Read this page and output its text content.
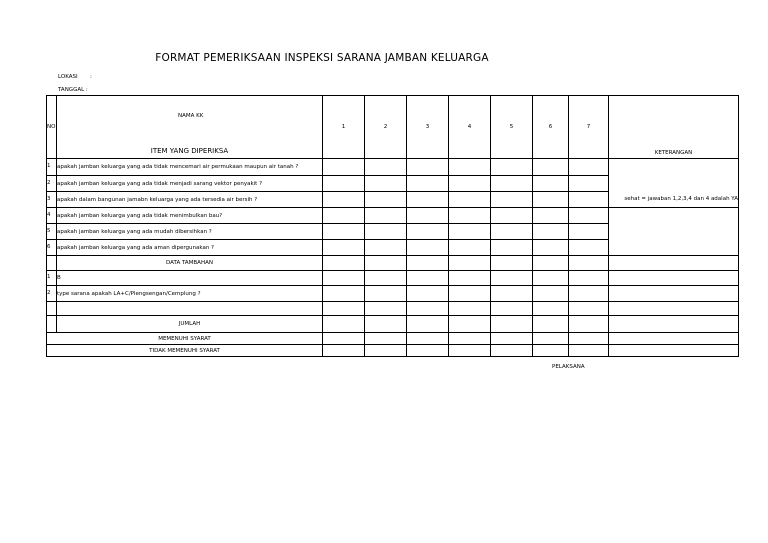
FORMAT PEMERIKSAAN INSPEKSI SARANA JAMBAN KELUARGA
LOKASI :
TANGGAL :
NO	ITEM YANG DIPERIKSA	1	2	3	4	5	6	7	KETERANGAN
1	apakah jamban keluarga yang ada tidak mencemari air permukaan maupun air tanah ?								
2	apakah jamban keluarga yang ada tidak menjadi sarang vektor penyakit ?								
3	apakah dalam bangunan jamabn keluarga yang ada tersedia air bersih ?								sehat = jawaban 1,2,3,4 dan 4 adalah YA
4	apakah jamban keluarga yang ada tidak menimbulkan bau?								
5	apakah jamban keluarga yang ada mudah dibersihkan ?								
6	apakah jamban keluarga yang ada aman dipergunakan ?								
	DATA TAMBAHAN								
1	B								
2	type sarana apakah LA+C/Plengsengan/Cemplung ?								

	JUMLAH								
MEMENUHI SYARAT									
TIDAK MEMENUHI SYARAT									
NAMA KK
PELAKSANA
